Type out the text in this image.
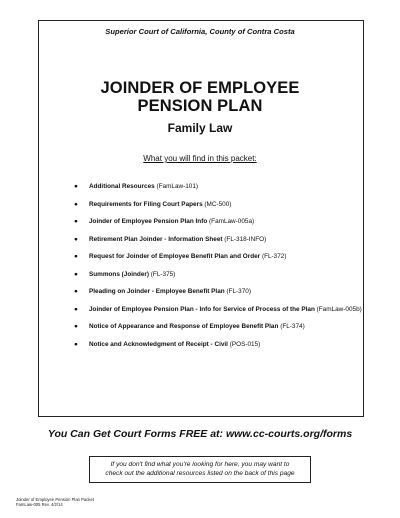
Superior Court of California, County of Contra Costa
JOINDER OF EMPLOYEE
PENSION PLAN
Family Law
What you will find in this packet:
● Additional Resources (FamLaw-101)
● Requirements for Filing Court Papers (MC-500)
● Joinder of Employee Pension Plan Info (FamLaw-005a)
● Retirement Plan Joinder - Information Sheet (FL-318-INFO)
● Request for Joinder of Employee Benefit Plan and Order (FL-372)
● Summons (Joinder) (FL-375)
● Pleading on Joinder - Employee Benefit Plan (FL-370)
● Joinder of Employee Pension Plan - Info for Service of Process of the Plan (FamLaw-005b)
● Notice of Appearance and Response of Employee Benefit Plan (FL-374)
● Notice and Acknowledgment of Receipt - Civil (POS-015)
You Can Get Court Forms FREE at: www.cc-courts.org/forms
If you don't find what you're looking for here, you may want to
check out the additional resources listed on the back of this page
Joinder of Employee Pension Plan Packet
FamLaw-005 Rev. 4/2/14
